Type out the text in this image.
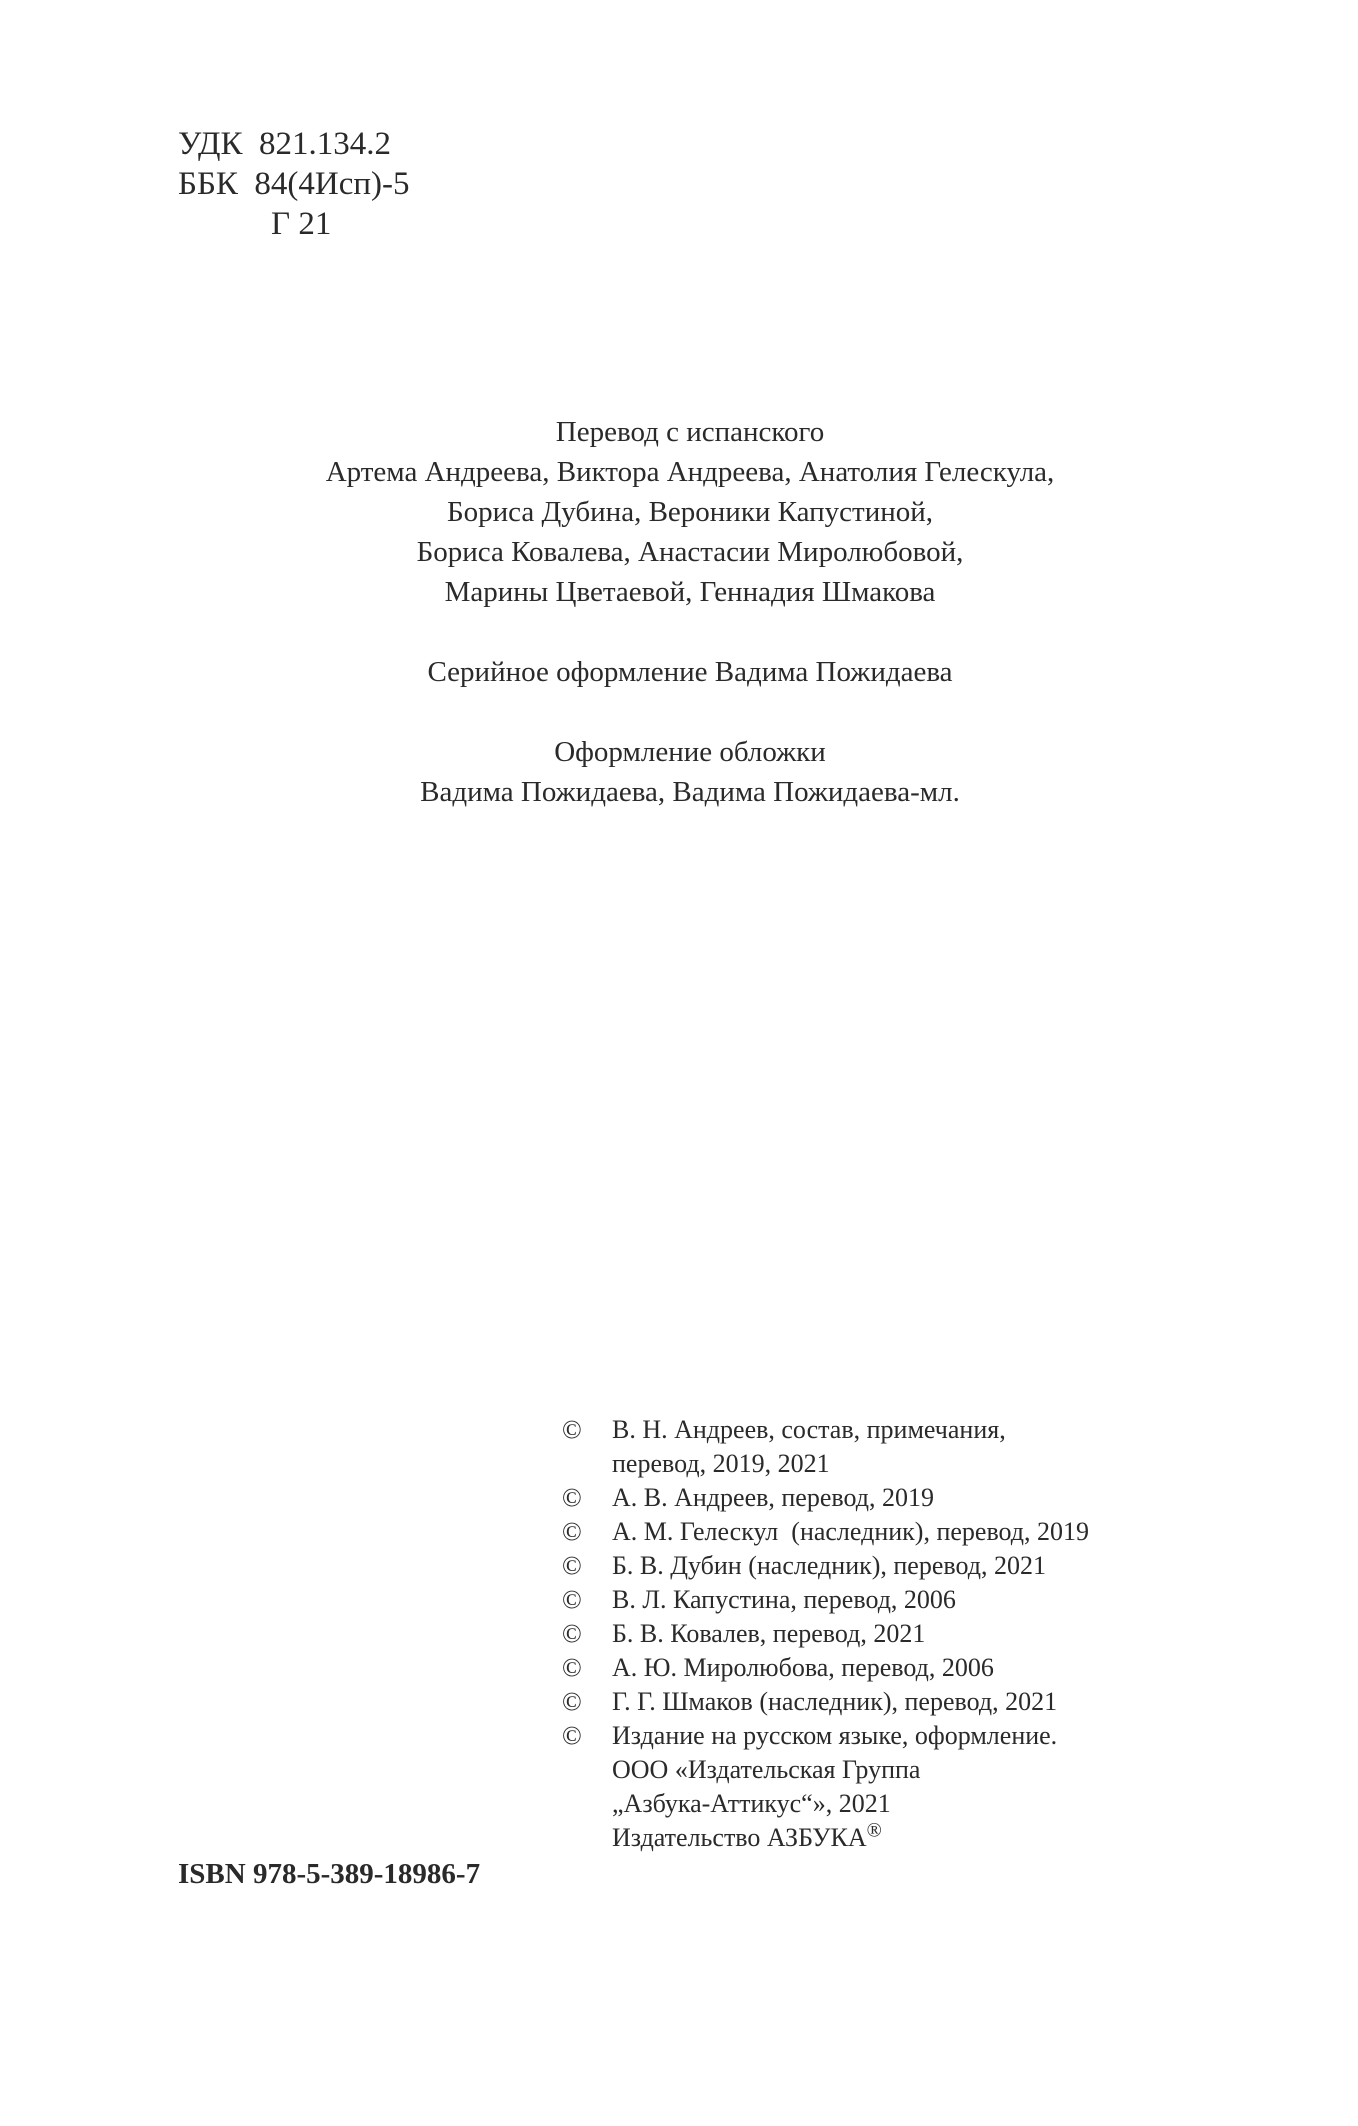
УДК  821.134.2
ББК  84(4Исп)-5
Г 21
Перевод с испанского
Артема Андреева, Виктора Андреева, Анатолия Гелескула,
Бориса Дубина, Вероники Капустиной,
Бориса Ковалева, Анастасии Миролюбовой,
Марины Цветаевой, Геннадия Шмакова
Серийное оформление Вадима Пожидаева
Оформление обложки
Вадима Пожидаева, Вадима Пожидаева-мл.
©	В. Н. Андреев, состав, примечания,
перевод, 2019, 2021
©	А. В. Андреев, перевод, 2019
©	А. М. Гелескул  (наследник), перевод, 2019
©	Б. В. Дубин (наследник), перевод, 2021
©	В. Л. Капустина, перевод, 2006
©	Б. В. Ковалев, перевод, 2021
©	А. Ю. Миролюбова, перевод, 2006
©	Г. Г. Шмаков (наследник), перевод, 2021
©	Издание на русском языке, оформление.
ООО «Издательская Группа
„Азбука-Аттикус“», 2021
Издательство АЗБУКА®
ISBN 978-5-389-18986-7
